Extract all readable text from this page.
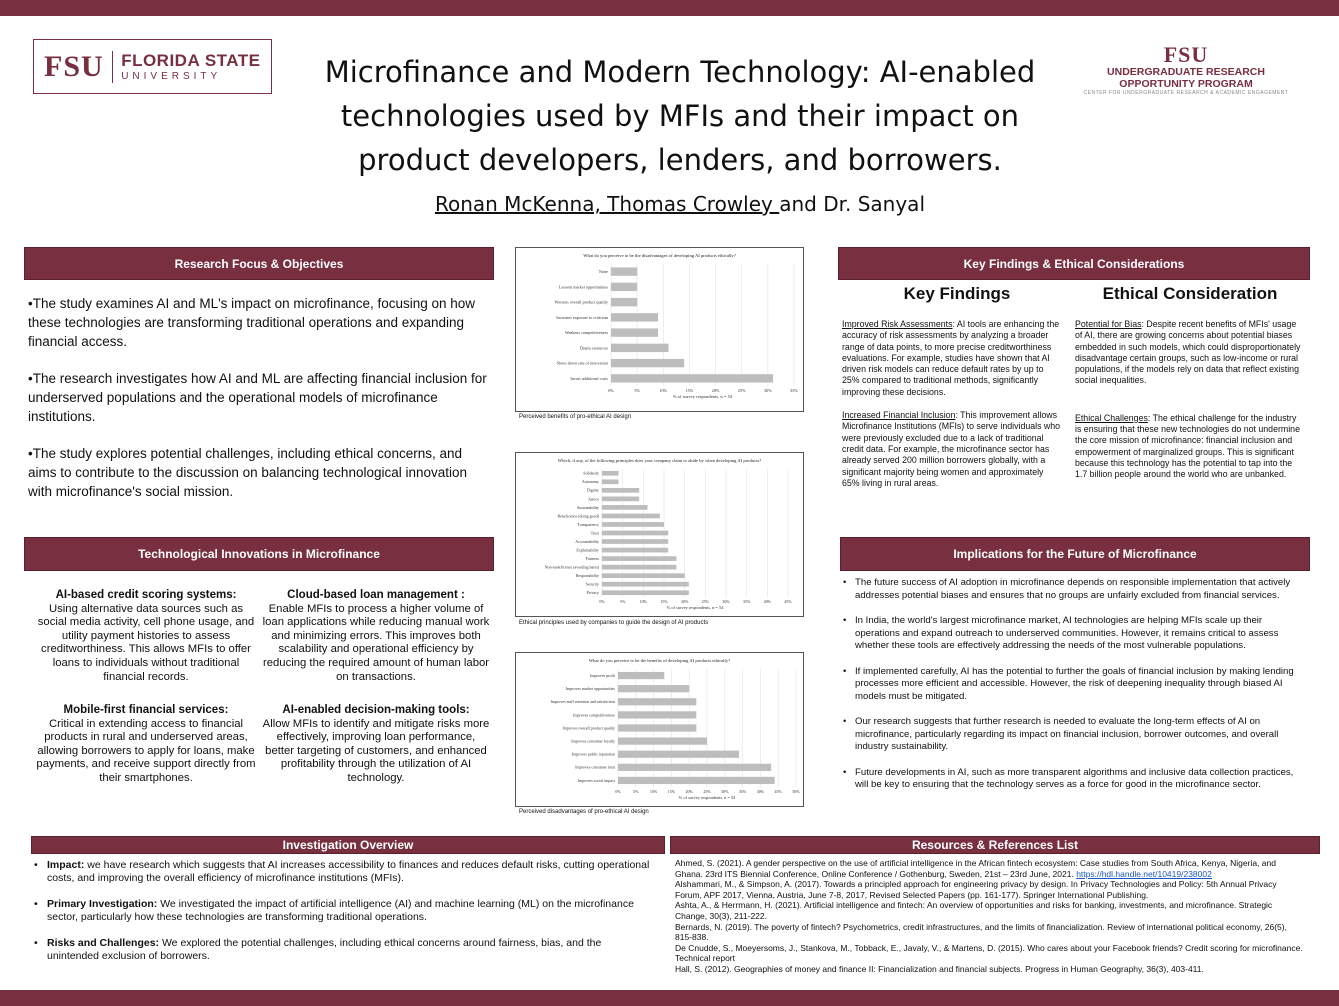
FSU FLORIDA STATE
UNIVERSITY	Microfinance and Modern Technology: AI-enabled
technologies used by MFIs and their impact on
product developers, lenders, and borrowers.
Ronan McKenna, Thomas Crowley and Dr. Sanyal
FSU
UNDERGRADUATE RESEARCH
OPPORTUNITY PROGRAM
CENTER FOR UNDERGRADUATE RESEARCH & ACADEMIC ENGAGEMENT
Research Focus & Objectives

•The study examines AI and ML's impact on microfinance, focusing on how these technologies are transforming traditional operations and expanding financial access.

•The research investigates how AI and ML are affecting financial inclusion for underserved populations and the operational models of microfinance institutions.

•The study explores potential challenges, including ethical concerns, and aims to contribute to the discussion on balancing technological innovation with microfinance's social mission.

Technological Innovations in Microfinance
AI-based credit scoring systems:
Using alternative data sources such as social media activity, cell phone usage, and utility payment histories to assess creditworthiness. This allows MFIs to offer loans to individuals without traditional financial records.
Cloud-based loan management :
Enable MFIs to process a higher volume of loan applications while reducing manual work and minimizing errors. This improves both scalability and operational efficiency by reducing the required amount of human labor on transactions.
Mobile-first financial services:
Critical in extending access to financial products in rural and underserved areas, allowing borrowers to apply for loans, make payments, and receive support directly from their smartphones.
AI-enabled decision-making tools:
Allow MFIs to identify and mitigate risks more effectively, improving loan performance, better targeting of customers, and enhanced profitability through the utilization of AI technology.
What do you perceive to be the disadvantages of developing AI products ethically?
0%	5%	10%	15%	20%	25%	30%	35%
% of survey respondents, n = 54
None
Lessens market opportunities
Worsens overall product quality
Increases exposure to criticism
Weakens competitiveness
Drains resources
Slows down rate of innovation
Incurs additional costs
Perceived benefits of pro-ethical AI design
Which, if any, of the following principles does your company claim to abide by when developing AI products?
0%	5%	10%	15%	20%	25%	30%	35%	40%	45%
% of survey respondents, n = 54
Solidarity
Autonomy
Dignity
Justice
Sustainability
Beneficence (doing good)
Transparency
Trust
Accountability
Explainability
Fairness
Non-maleficence (avoiding harm)
Responsibility
Security
Privacy
Ethical principles used by companies to guide the design of AI products
What do you perceive to be the benefits of developing AI products ethically?
0%	5%	10%	15%	20%	25%	30%	35%	40%	45%	50%
% of survey respondents, n = 54
Improves profit
Improves market opportunities
Improves staff retention and satisfaction
Improves competitiveness
Improves overall product quality
Improves consumer loyalty
Improves public reputation
Improves consumer trust
Improves social impact
Perceived disadvantages of pro-ethical AI design
Key Findings & Ethical Considerations
Key Findings	Ethical Consideration

Improved Risk Assessments: AI tools are enhancing the accuracy of risk assessments by analyzing a broader range of data points, to more precise creditworthiness evaluations. For example, studies have shown that AI driven risk models can reduce default rates by up to 25% compared to traditional methods, significantly improving these decisions.

Increased Financial Inclusion: This improvement allows Microfinance Institutions (MFIs) to serve individuals who were previously excluded due to a lack of traditional credit data. For example, the microfinance sector has already served 200 million borrowers globally, with a significant majority being women and approximately 65% living in rural areas.

Potential for Bias: Despite recent benefits of MFIs' usage of AI, there are growing concerns about potential biases embedded in such models, which could disproportionately disadvantage certain groups, such as low-income or rural populations, if the models rely on data that reflect existing social inequalities.

Ethical Challenges: The ethical challenge for the industry is ensuring that these new technologies do not undermine the core mission of microfinance: financial inclusion and empowerment of marginalized groups. This is significant because this technology has the potential to tap into the 1.7 billion people around the world who are unbanked.

Implications for the Future of Microfinance
• The future success of AI adoption in microfinance depends on responsible implementation that actively addresses potential biases and ensures that no groups are unfairly excluded from financial services.
• In India, the world's largest microfinance market, AI technologies are helping MFIs scale up their operations and expand outreach to underserved communities. However, it remains critical to assess whether these tools are effectively addressing the needs of the most vulnerable populations.
• If implemented carefully, AI has the potential to further the goals of financial inclusion by making lending processes more efficient and accessible. However, the risk of deepening inequality through biased AI models must be mitigated.
• Our research suggests that further research is needed to evaluate the long-term effects of AI on microfinance, particularly regarding its impact on financial inclusion, borrower outcomes, and overall industry sustainability.
• Future developments in AI, such as more transparent algorithms and inclusive data collection practices, will be key to ensuring that the technology serves as a force for good in the microfinance sector.
Investigation Overview
• Impact: we have research which suggests that AI increases accessibility to finances and reduces default risks, cutting operational costs, and improving the overall efficiency of microfinance institutions (MFIs).
• Primary Investigation: We investigated the impact of artificial intelligence (AI) and machine learning (ML) on the microfinance sector, particularly how these technologies are transforming traditional operations.
• Risks and Challenges: We explored the potential challenges, including ethical concerns around fairness, bias, and the unintended exclusion of borrowers.
Resources & References List

Ahmed, S. (2021). A gender perspective on the use of artificial intelligence in the African fintech ecosystem: Case studies from South Africa, Kenya, Nigeria, and Ghana. 23rd ITS Biennial Conference, Online Conference / Gothenburg, Sweden, 21st – 23rd June, 2021. https://hdl.handle.net/10419/238002

Alshammari, M., & Simpson, A. (2017). Towards a principled approach for engineering privacy by design. In Privacy Technologies and Policy: 5th Annual Privacy Forum, APF 2017, Vienna, Austria, June 7-8, 2017, Revised Selected Papers (pp. 161-177). Springer International Publishing.

Ashta, A., & Herrmann, H. (2021). Artificial intelligence and fintech: An overview of opportunities and risks for banking, investments, and microfinance. Strategic Change, 30(3), 211-222.

Bernards, N. (2019). The poverty of fintech? Psychometrics, credit infrastructures, and the limits of financialization. Review of international political economy, 26(5), 815-838.

De Cnudde, S., Moeyersoms, J., Stankova, M., Tobback, E., Javaly, V., & Martens, D. (2015). Who cares about your Facebook friends? Credit scoring for microfinance. Technical report

Hall, S. (2012). Geographies of money and finance II: Financialization and financial subjects. Progress in Human Geography, 36(3), 403-411.
